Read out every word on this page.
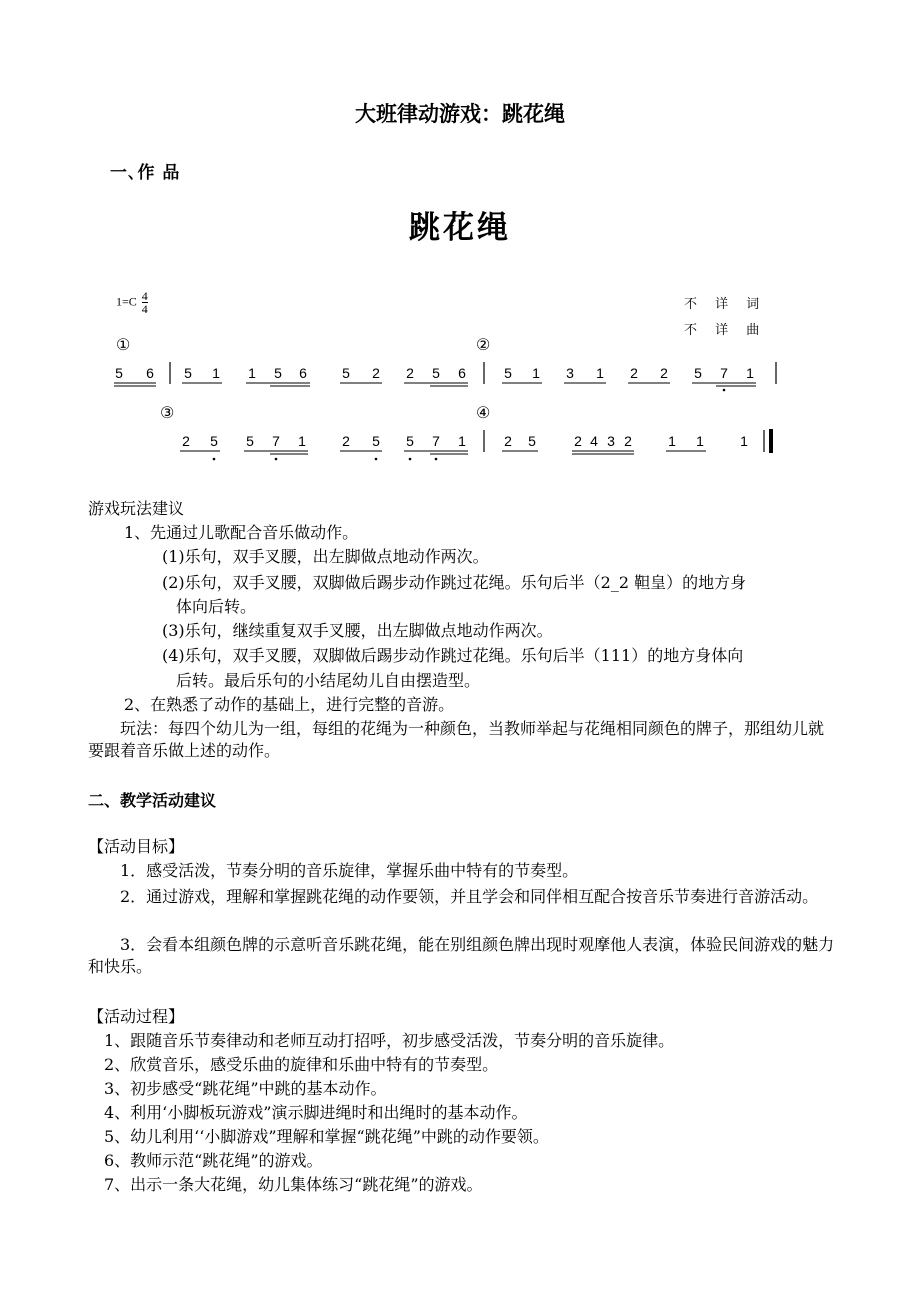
大班律动游戏：跳花绳
一､作 品
跳花绳
$1=C \frac{4}{4}$	不 详 词
不 详 曲
①	②
③	④
5 6 5 1 1 5 6	5 2 2 5 6	5 1 3 1 2 2 5 7 1
2 5 5 7 1	2 5 5 7 1	2 5	2 4 3 2	1 1	1
游戏玩法建议
1、先通过儿歌配合音乐做动作。
(1)乐句，双手叉腰，出左脚做点地动作两次。
(2)乐句，双手叉腰，双脚做后踢步动作跳过花绳。乐句后半（2_2 靼皇）的地方身
体向后转。
(3)乐句，继续重复双手叉腰，出左脚做点地动作两次。
(4)乐句，双手叉腰，双脚做后踢步动作跳过花绳。乐句后半（111）的地方身体向
后转。最后乐句的小结尾幼儿自由摆造型。
2、在熟悉了动作的基础上，进行完整的音游。
玩法：每四个幼儿为一组，每组的花绳为一种颜色，当教师举起与花绳相同颜色的牌子，那组幼儿就要跟着音乐做上述的动作。
二、教学活动建议
【活动目标】
1．感受活泼，节奏分明的音乐旋律，掌握乐曲中特有的节奏型。
2．通过游戏，理解和掌握跳花绳的动作要领，并且学会和同伴相互配合按音乐节奏进行音游活动。
3．会看本组颜色牌的示意听音乐跳花绳，能在别组颜色牌出现时观摩他人表演，体验民间游戏的魅力和快乐。
【活动过程】
1、跟随音乐节奏律动和老师互动打招呼，初步感受活泼，节奏分明的音乐旋律。
2、欣赏音乐，感受乐曲的旋律和乐曲中特有的节奏型。
3、初步感受“跳花绳”中跳的基本动作。
4、利用‘小脚板玩游戏”演示脚进绳时和出绳时的基本动作。
5、幼儿利用‘‘小脚游戏”理解和掌握“跳花绳”中跳的动作要领。
6、教师示范“跳花绳”的游戏。
7、出示一条大花绳，幼儿集体练习“跳花绳”的游戏。
